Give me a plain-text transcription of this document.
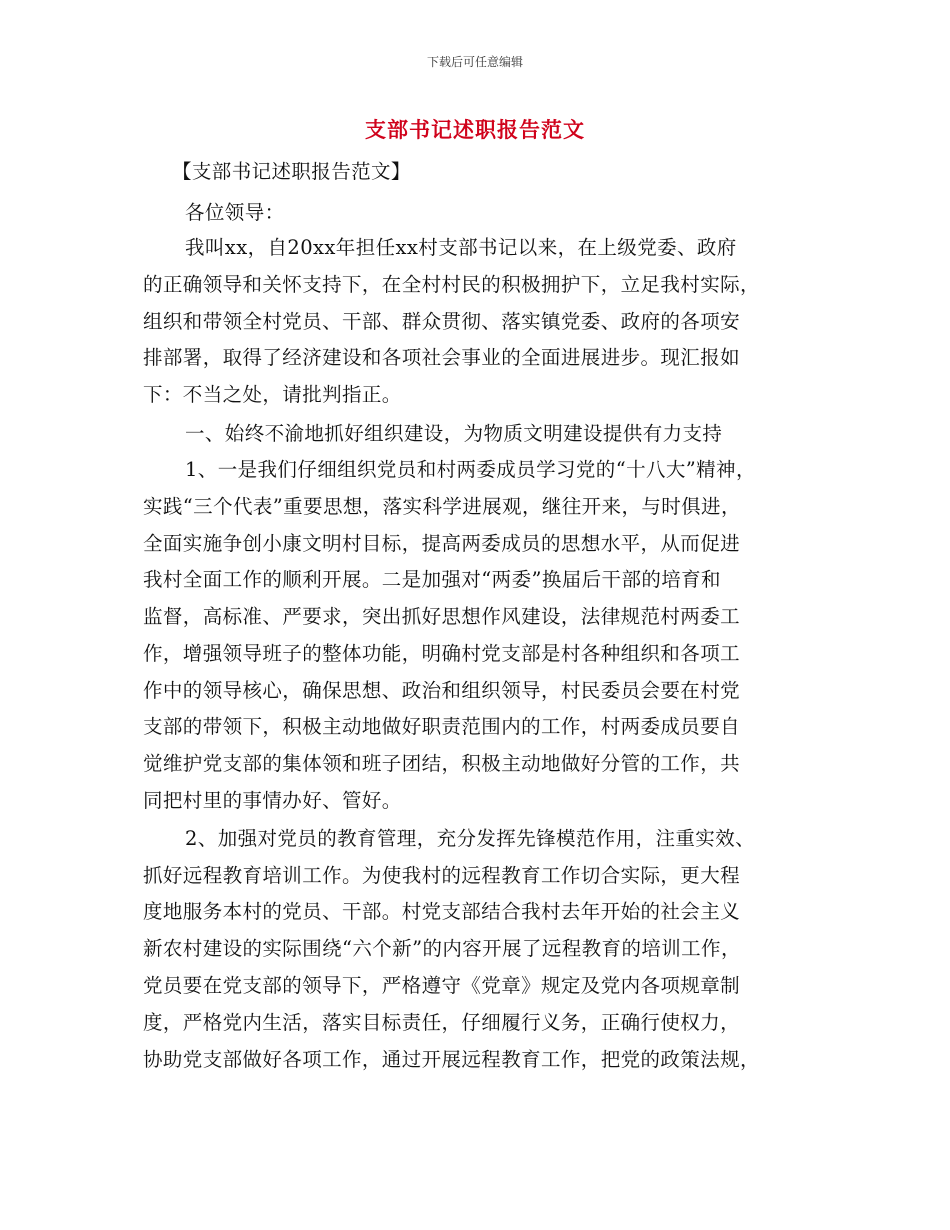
下载后可任意编辑
支部书记述职报告范文
【支部书记述职报告范文】
各位领导：
我叫xx，自20xx年担任xx村支部书记以来，在上级党委、政府
的正确领导和关怀支持下，在全村村民的积极拥护下，立足我村实际，
组织和带领全村党员、干部、群众贯彻、落实镇党委、政府的各项安
排部署，取得了经济建设和各项社会事业的全面进展进步。现汇报如
下：不当之处，请批判指正。
一、始终不渝地抓好组织建设，为物质文明建设提供有力支持
1、一是我们仔细组织党员和村两委成员学习党的“十八大”精神，
实践“三个代表”重要思想，落实科学进展观，继往开来，与时俱进，
全面实施争创小康文明村目标，提高两委成员的思想水平，从而促进
我村全面工作的顺利开展。二是加强对“两委”换届后干部的培育和
监督，高标准、严要求，突出抓好思想作风建设，法律规范村两委工
作，增强领导班子的整体功能，明确村党支部是村各种组织和各项工
作中的领导核心，确保思想、政治和组织领导，村民委员会要在村党
支部的带领下，积极主动地做好职责范围内的工作，村两委成员要自
觉维护党支部的集体领和班子团结，积极主动地做好分管的工作，共
同把村里的事情办好、管好。
2、加强对党员的教育管理，充分发挥先锋模范作用，注重实效、
抓好远程教育培训工作。为使我村的远程教育工作切合实际，更大程
度地服务本村的党员、干部。村党支部结合我村去年开始的社会主义
新农村建设的实际围绕“六个新”的内容开展了远程教育的培训工作，
党员要在党支部的领导下，严格遵守《党章》规定及党内各项规章制
度，严格党内生活，落实目标责任，仔细履行义务，正确行使权力，
协助党支部做好各项工作，通过开展远程教育工作，把党的政策法规，
